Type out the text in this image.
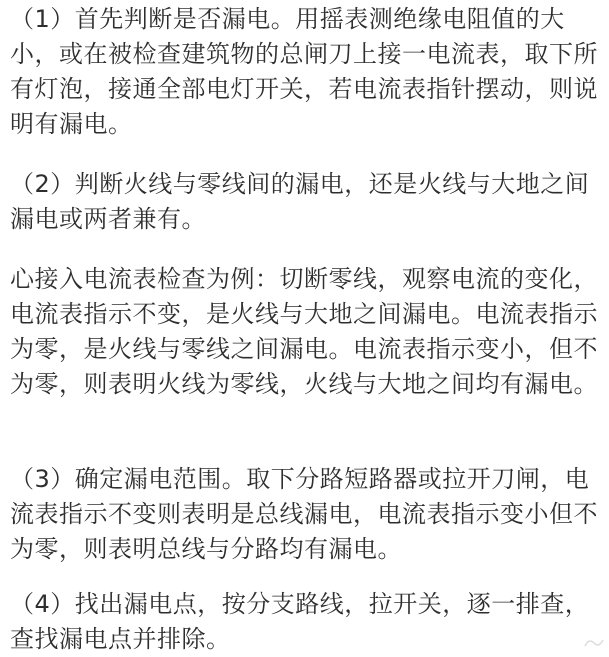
（1）首先判断是否漏电。用摇表测绝缘电阻值的大小，或在被检查建筑物的总闸刀上接一电流表，取下所有灯泡，接通全部电灯开关，若电流表指针摆动，则说明有漏电。

（2）判断火线与零线间的漏电，还是火线与大地之间漏电或两者兼有。

心接入电流表检查为例：切断零线，观察电流的变化，电流表指示不变，是火线与大地之间漏电。电流表指示为零，是火线与零线之间漏电。电流表指示变小，但不为零，则表明火线为零线，火线与大地之间均有漏电。

（3）确定漏电范围。取下分路短路器或拉开刀闸，电流表指示不变则表明是总线漏电，电流表指示变小但不为零，则表明总线与分路均有漏电。

（4）找出漏电点，按分支路线，拉开关，逐一排查，查找漏电点并排除。
